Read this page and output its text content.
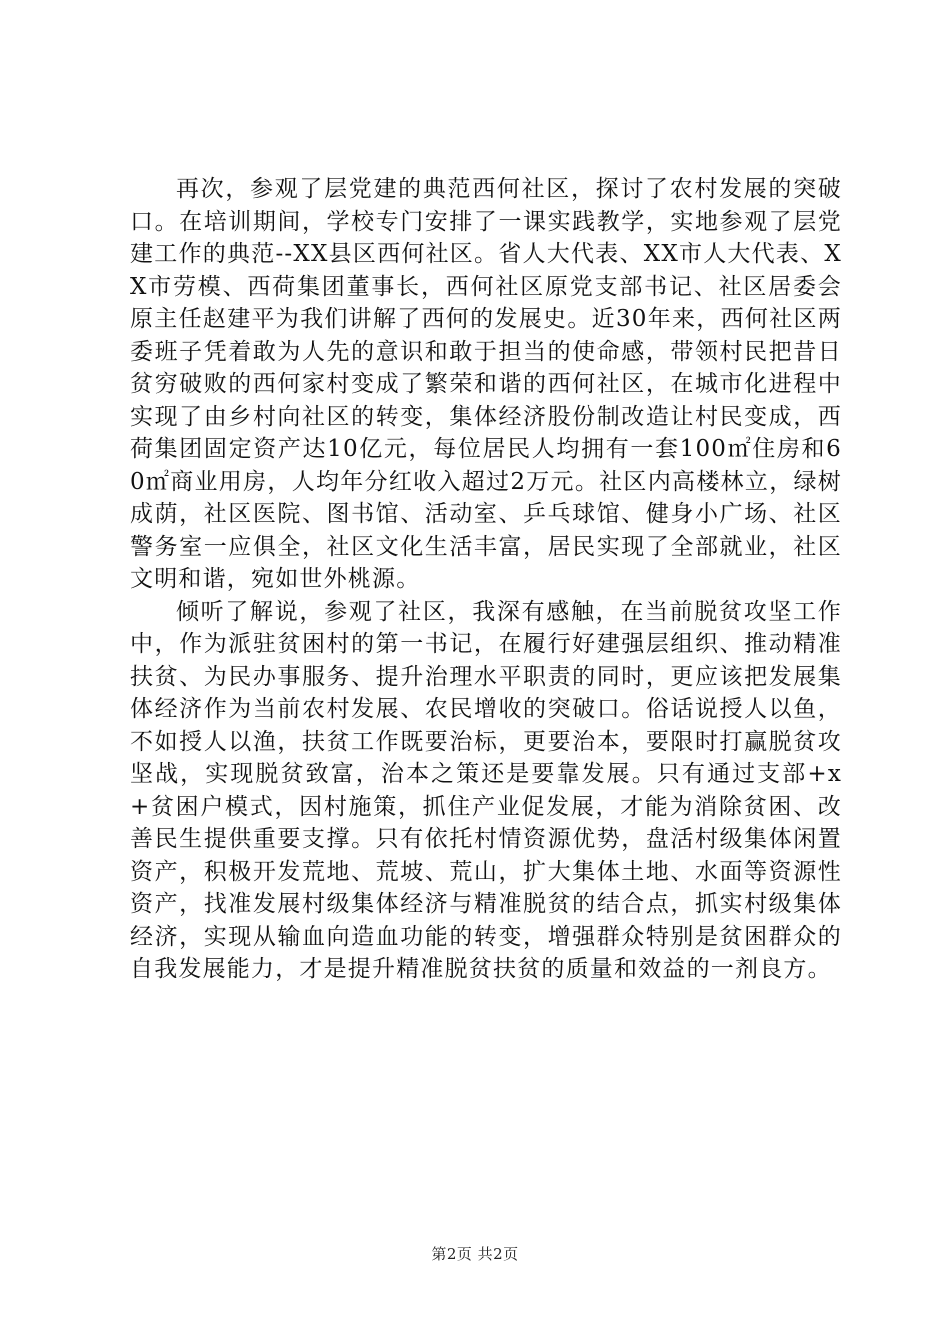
再次，参观了层党建的典范西何社区，探讨了农村发展的突破口。在培训期间，学校专门安排了一课实践教学，实地参观了层党建工作的典范--XX县区西何社区。省人大代表、XX市人大代表、XX市劳模、西荷集团董事长，西何社区原党支部书记、社区居委会原主任赵建平为我们讲解了西何的发展史。近30年来，西何社区两委班子凭着敢为人先的意识和敢于担当的使命感，带领村民把昔日贫穷破败的西何家村变成了繁荣和谐的西何社区，在城市化进程中实现了由乡村向社区的转变，集体经济股份制改造让村民变成，西荷集团固定资产达10亿元，每位居民人均拥有一套100㎡住房和60㎡商业用房，人均年分红收入超过2万元。社区内高楼林立，绿树成荫，社区医院、图书馆、活动室、乒乓球馆、健身小广场、社区警务室一应俱全，社区文化生活丰富，居民实现了全部就业，社区文明和谐，宛如世外桃源。

倾听了解说，参观了社区，我深有感触，在当前脱贫攻坚工作中，作为派驻贫困村的第一书记，在履行好建强层组织、推动精准扶贫、为民办事服务、提升治理水平职责的同时，更应该把发展集体经济作为当前农村发展、农民增收的突破口。俗话说授人以鱼，不如授人以渔，扶贫工作既要治标，更要治本，要限时打赢脱贫攻坚战，实现脱贫致富，治本之策还是要靠发展。只有通过支部+x+贫困户模式，因村施策，抓住产业促发展，才能为消除贫困、改善民生提供重要支撑。只有依托村情资源优势，盘活村级集体闲置资产，积极开发荒地、荒坡、荒山，扩大集体土地、水面等资源性资产，找准发展村级集体经济与精准脱贫的结合点，抓实村级集体经济，实现从输血向造血功能的转变，增强群众特别是贫困群众的自我发展能力，才是提升精准脱贫扶贫的质量和效益的一剂良方。

第2页 共2页
